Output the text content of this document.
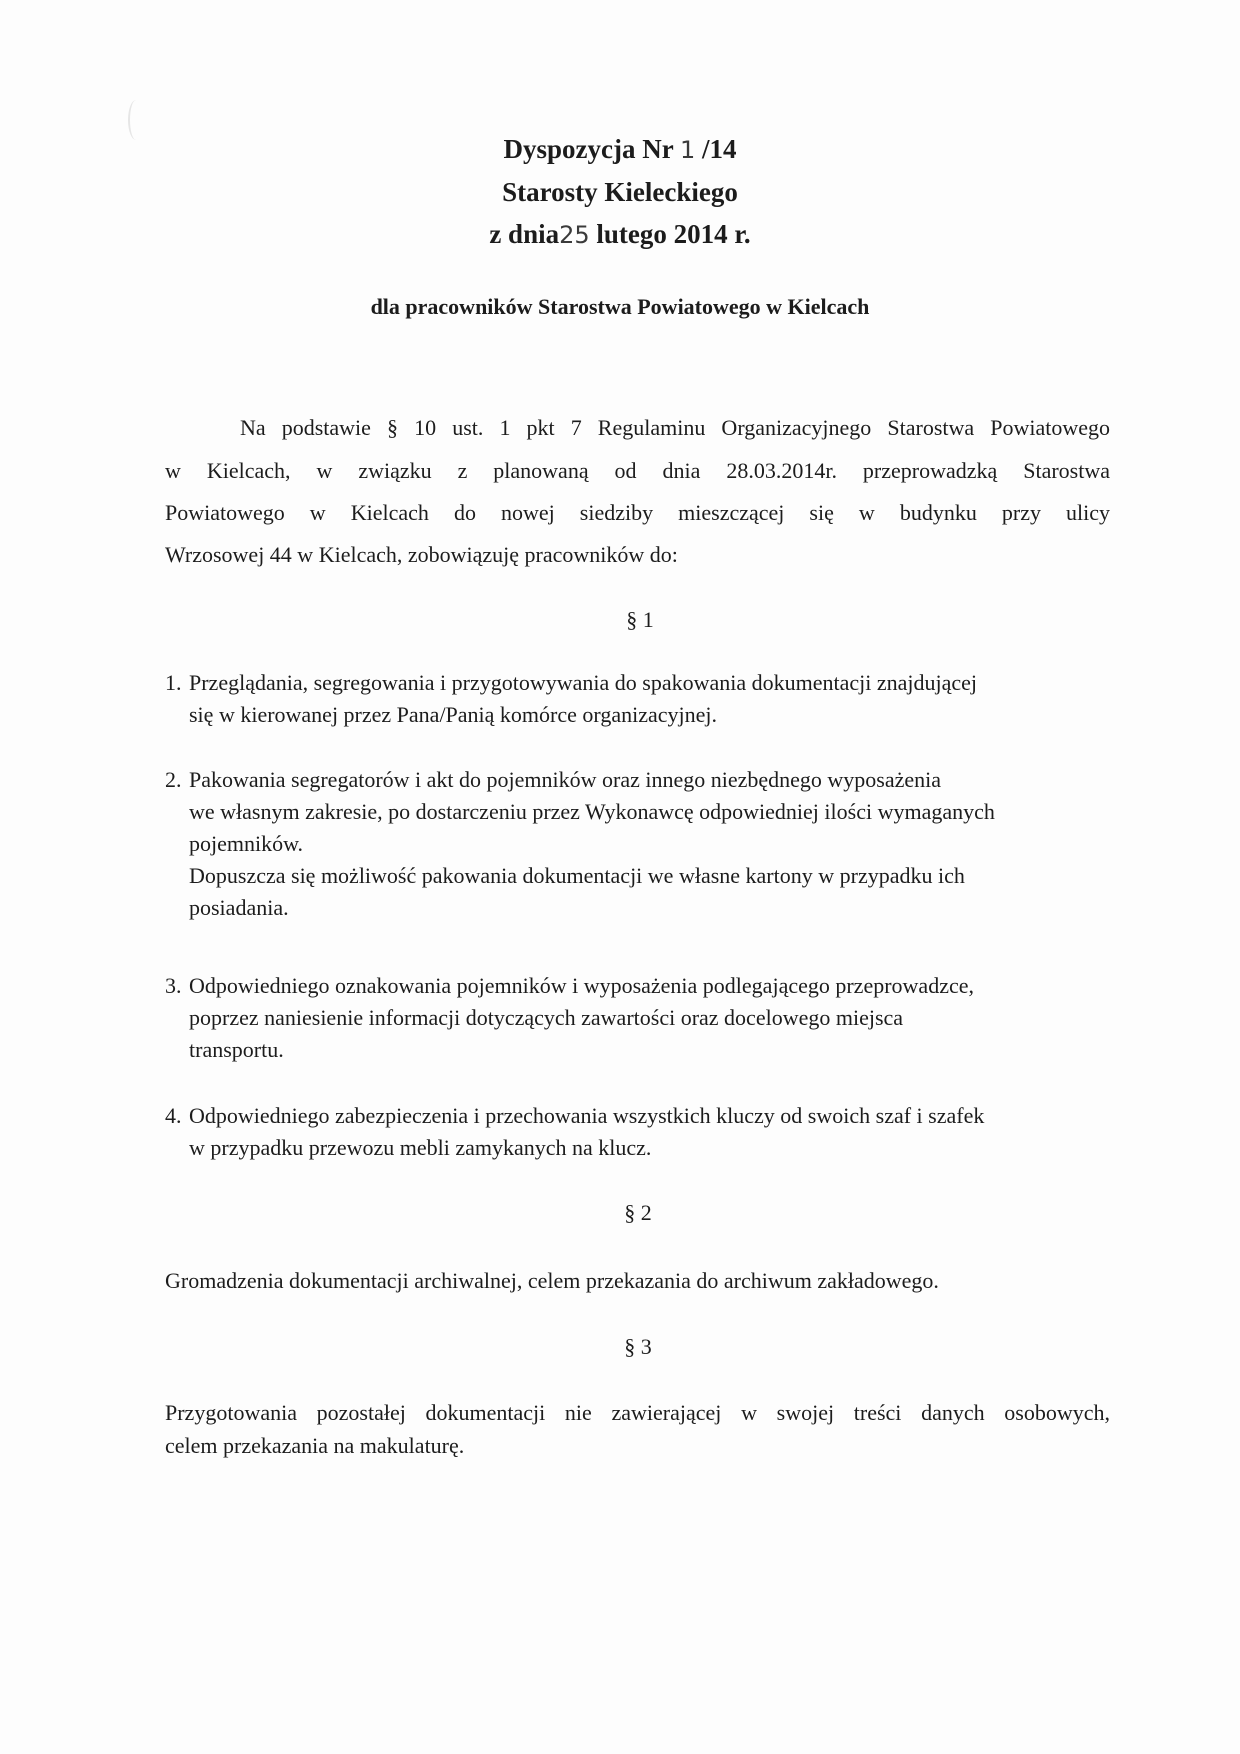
Dyspozycja Nr 1 /14
Starosty Kieleckiego
z dnia25 lutego 2014 r.
dla pracowników Starostwa Powiatowego w Kielcach
Na podstawie § 10 ust. 1 pkt 7 Regulaminu Organizacyjnego Starostwa Powiatowego
w Kielcach, w związku z planowaną od dnia 28.03.2014r. przeprowadzką Starostwa
Powiatowego w Kielcach do nowej siedziby mieszczącej się w budynku przy ulicy
Wrzosowej 44 w Kielcach, zobowiązuję pracowników do:
§ 1
1. Przeglądania, segregowania i przygotowywania do spakowania dokumentacji znajdującej
się w kierowanej przez Pana/Panią komórce organizacyjnej.
2. Pakowania segregatorów i akt do pojemników oraz innego niezbędnego wyposażenia
we własnym zakresie, po dostarczeniu przez Wykonawcę odpowiedniej ilości wymaganych
pojemników.
Dopuszcza się możliwość pakowania dokumentacji we własne kartony w przypadku ich
posiadania.
3. Odpowiedniego oznakowania pojemników i wyposażenia podlegającego przeprowadzce,
poprzez naniesienie informacji dotyczących zawartości oraz docelowego miejsca
transportu.
4. Odpowiedniego zabezpieczenia i przechowania wszystkich kluczy od swoich szaf i szafek
w przypadku przewozu mebli zamykanych na klucz.
§ 2
Gromadzenia dokumentacji archiwalnej, celem przekazania do archiwum zakładowego.
§ 3
Przygotowania pozostałej dokumentacji nie zawierającej w swojej treści danych osobowych,
celem przekazania na makulaturę.
